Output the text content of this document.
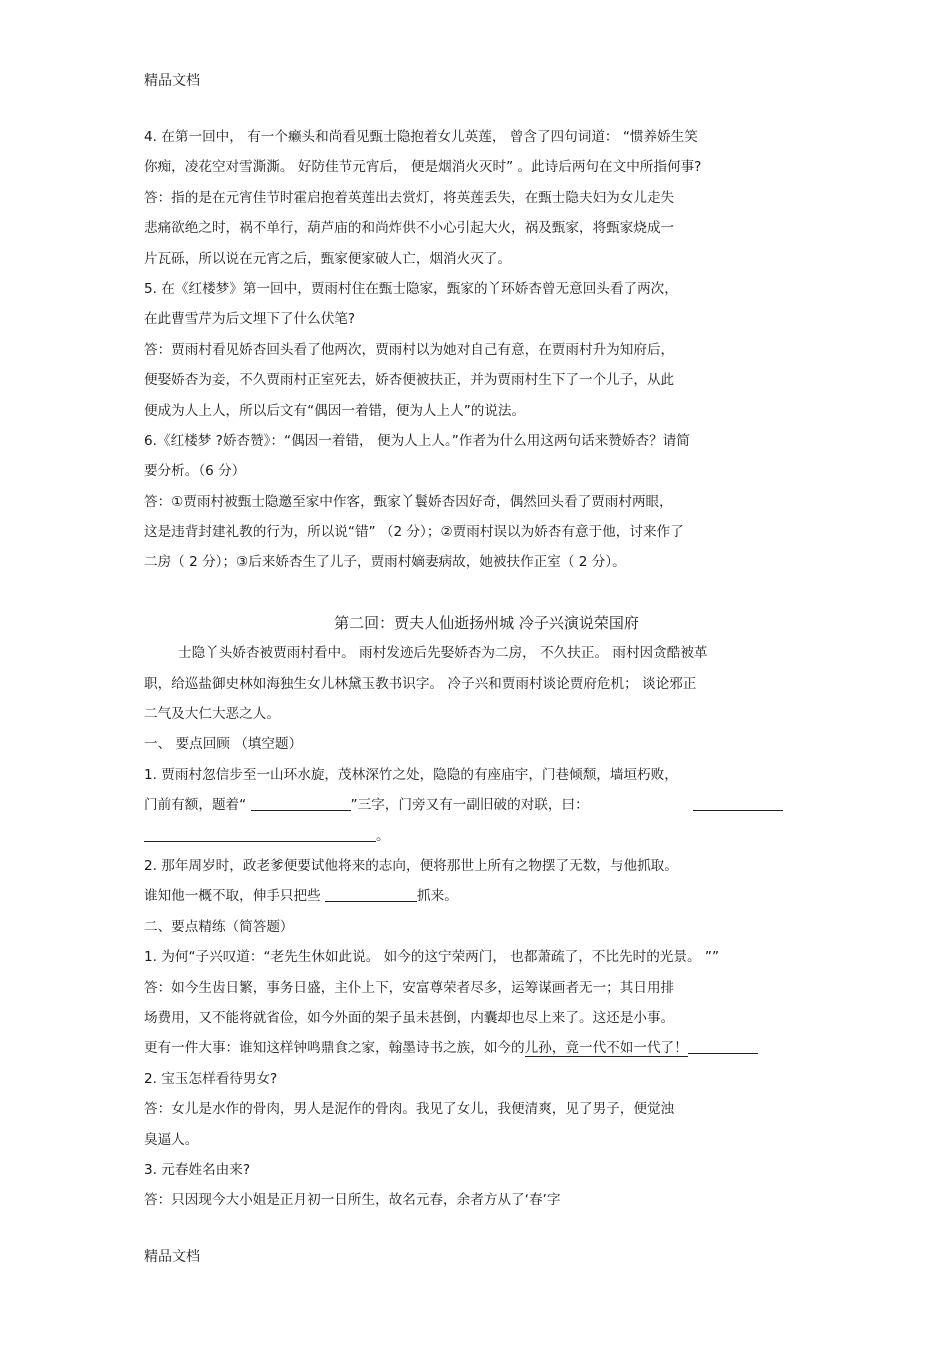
精品文档
4. 在第一回中， 有一个癞头和尚看见甄士隐抱着女儿英莲， 曾含了四句词道： “惯养娇生笑
你痴，凌花空对雪澌澌。 好防佳节元宵后， 便是烟消火灭时” 。此诗后两句在文中所指何事?
答：指的是在元宵佳节时霍启抱着英莲出去赏灯，将英莲丢失，在甄士隐夫妇为女儿走失
悲痛欲绝之时，祸不单行，葫芦庙的和尚炸供不小心引起大火，祸及甄家，将甄家烧成一
片瓦砾，所以说在元宵之后，甄家便家破人亡，烟消火灭了。
5. 在《红楼梦》第一回中，贾雨村住在甄士隐家，甄家的丫环娇杏曾无意回头看了两次，
在此曹雪芹为后文埋下了什么伏笔?
答：贾雨村看见娇杏回头看了他两次，贾雨村以为她对自己有意，在贾雨村升为知府后，
便娶娇杏为妾，不久贾雨村正室死去，娇杏便被扶正，并为贾雨村生下了一个儿子，从此
便成为人上人，所以后文有“偶因一着错，便为人上人”的说法。
6.《红楼梦 ?娇杏赞》：“偶因一着错， 便为人上人。”作者为什么用这两句话来赞娇杏？请简
要分析。（6 分）
答：①贾雨村被甄士隐邀至家中作客，甄家丫鬟娇杏因好奇，偶然回头看了贾雨村两眼，
这是违背封建礼教的行为，所以说“错” （2 分）；②贾雨村误以为娇杏有意于他，讨来作了
二房（ 2 分）；③后来娇杏生了儿子，贾雨村嫡妻病故，她被扶作正室（ 2 分）。
第二回：贾夫人仙逝扬州城 冷子兴演说荣国府
士隐丫头娇杏被贾雨村看中。 雨村发迹后先娶娇杏为二房， 不久扶正。 雨村因贪酷被革
职，给巡盐御史林如海独生女儿林黛玉教书识字。 冷子兴和贾雨村谈论贾府危机； 谈论邪正
二气及大仁大恶之人。
一、 要点回顾 （填空题）
1. 贾雨村忽信步至一山环水旋，茂林深竹之处，隐隐的有座庙宇，门巷倾颓，墙垣朽败，
门前有额，题着“	”三字，门旁又有一副旧破的对联，曰：
。
2. 那年周岁时，政老爹便要试他将来的志向，便将那世上所有之物摆了无数，与他抓取。
谁知他一概不取，伸手只把些	抓来。
二、要点精练（简答题）
1. 为何“子兴叹道：“老先生休如此说。 如今的这宁荣两门， 也都萧疏了，不比先时的光景。 ””
答：如今生齿日繁，事务日盛，主仆上下，安富尊荣者尽多，运筹谋画者无一；其日用排
场费用，又不能将就省俭，如今外面的架子虽未甚倒，内囊却也尽上来了。这还是小事。
更有一件大事：谁知这样钟鸣鼎食之家，翰墨诗书之族，如今的儿孙，竟一代不如一代了！
2. 宝玉怎样看待男女?
答：女儿是水作的骨肉，男人是泥作的骨肉。我见了女儿，我便清爽，见了男子，便觉浊
臭逼人。
3. 元春姓名由来?
答：只因现今大小姐是正月初一日所生，故名元春，余者方从了‘春’字
精品文档
